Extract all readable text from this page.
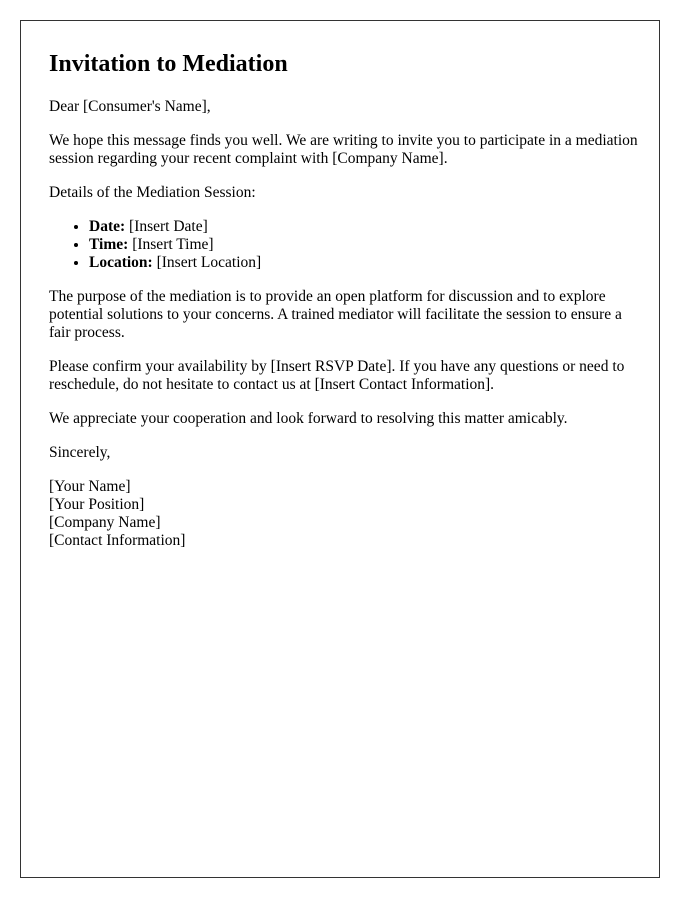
Invitation to Mediation

Dear [Consumer's Name],

We hope this message finds you well. We are writing to invite you to participate in a mediation session regarding your recent complaint with [Company Name].

Details of the Mediation Session:

• Date: [Insert Date]
• Time: [Insert Time]
• Location: [Insert Location]

The purpose of the mediation is to provide an open platform for discussion and to explore potential solutions to your concerns. A trained mediator will facilitate the session to ensure a fair process.

Please confirm your availability by [Insert RSVP Date]. If you have any questions or need to reschedule, do not hesitate to contact us at [Insert Contact Information].

We appreciate your cooperation and look forward to resolving this matter amicably.

Sincerely,

[Your Name]
[Your Position]
[Company Name]
[Contact Information]
